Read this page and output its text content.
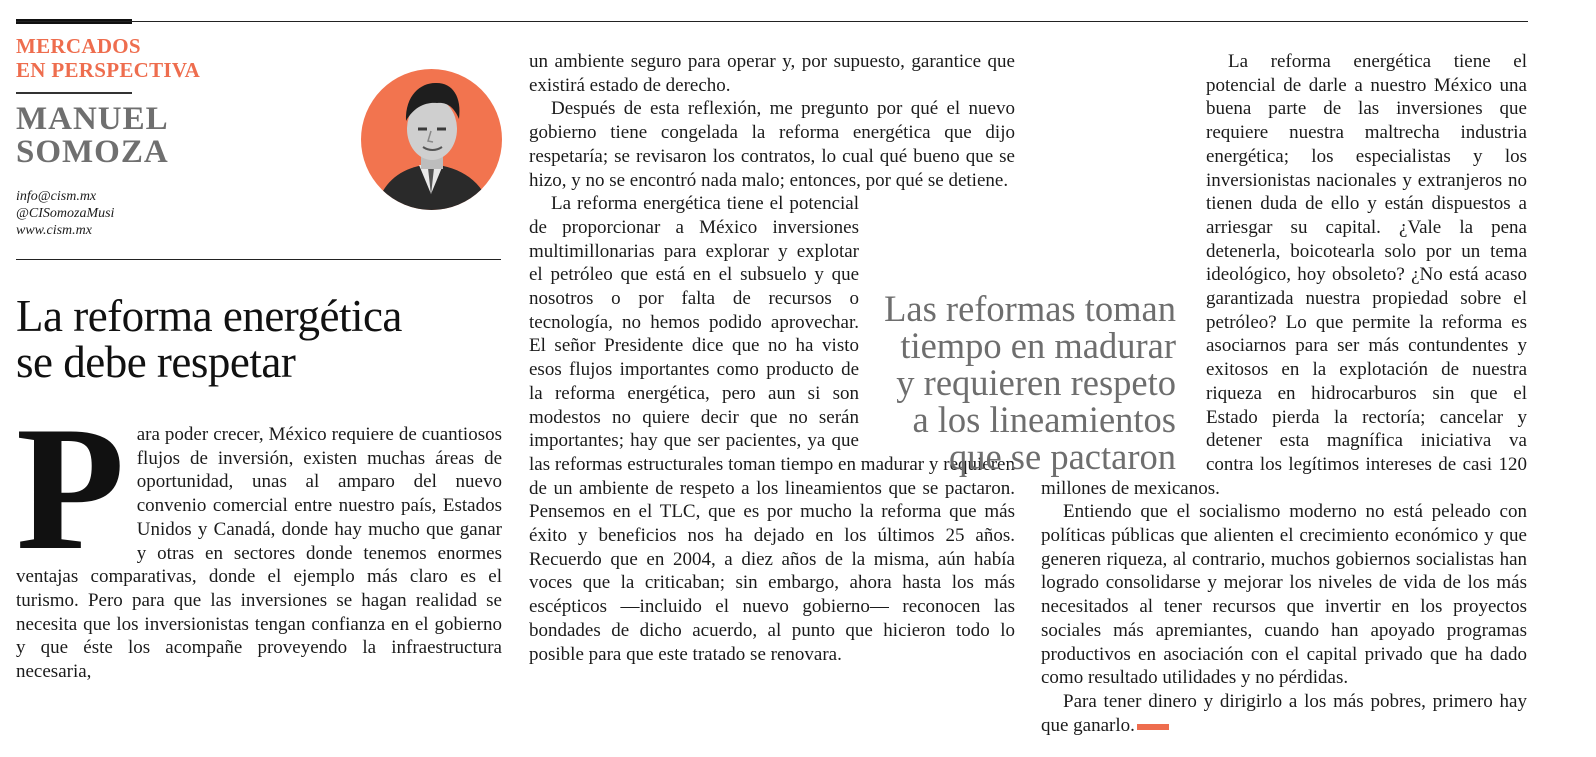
MERCADOS
EN PERSPECTIVA
MANUEL
SOMOZA
info@cism.mx
@CISomozaMusi
www.cism.mx
La reforma energética
se debe respetar
P ara poder crecer, México requiere de cuantiosos flujos de inversión, existen muchas áreas de oportunidad, unas al amparo del nuevo convenio comercial entre nuestro país, Estados Unidos y Canadá, donde hay mucho que ganar y otras en sectores donde tenemos enormes ventajas comparativas, donde el ejemplo más claro es el turismo. Pero para que las inversiones se hagan realidad se necesita que los inversionistas tengan confianza en el gobierno y que éste los acompañe proveyendo la infraestructura necesaria,

un ambiente seguro para operar y, por supuesto, garantice que existirá estado de derecho.

Después de esta reflexión, me pregunto por qué el nuevo gobierno tiene congelada la reforma energética que dijo respetaría; se revisaron los contratos, lo cual qué bueno que se hizo, y no se encontró nada malo; entonces, por qué se detiene.

La reforma energética tiene el potencial de proporcionar a México inversiones multimillonarias para explorar y explotar el petróleo que está en el subsuelo y que nosotros o por falta de recursos o tecnología, no hemos podido aprovechar. El señor Presidente dice que no ha visto esos flujos importantes como producto de la reforma energética, pero aun si son modestos no quiere decir que no serán importantes; hay que ser pacientes, ya que las reformas estructurales toman tiempo en madurar y requieren de un ambiente de respeto a los lineamientos que se pactaron. Pensemos en el TLC, que es por mucho la reforma que más éxito y beneficios nos ha dejado en los últimos 25 años. Recuerdo que en 2004, a diez años de la misma, aún había voces que la criticaban; sin embargo, ahora hasta los más escépticos —incluido el nuevo gobierno— reconocen las bondades de dicho acuerdo, al punto que hicieron todo lo posible para que este tratado se renovara.

La reforma energética tiene el potencial de darle a nuestro México una buena parte de las inversiones que requiere nuestra maltrecha industria energética; los especialistas y los inversionistas nacionales y extranjeros no tienen duda de ello y están dispuestos a arriesgar su capital. ¿Vale la pena detenerla, boicotearla solo por un tema ideológico, hoy obsoleto? ¿No está acaso garantizada nuestra propiedad sobre el petróleo? Lo que permite la reforma es asociarnos para ser más contundentes y exitosos en la explotación de nuestra riqueza en hidrocarburos sin que el Estado pierda la rectoría; cancelar y detener esta magnífica iniciativa va contra los legítimos intereses de casi 120 millones de mexicanos.

Entiendo que el socialismo moderno no está peleado con políticas públicas que alienten el crecimiento económico y que generen riqueza, al contrario, muchos gobiernos socialistas han logrado consolidarse y mejorar los niveles de vida de los más necesitados al tener recursos que invertir en los proyectos sociales más apremiantes, cuando han apoyado programas productivos en asociación con el capital privado que ha dado como resultado utilidades y no pérdidas.

Para tener dinero y dirigirlo a los más pobres, primero hay que ganarlo.

Las reformas toman tiempo en madurar y requieren respeto a los lineamientos que se pactaron
